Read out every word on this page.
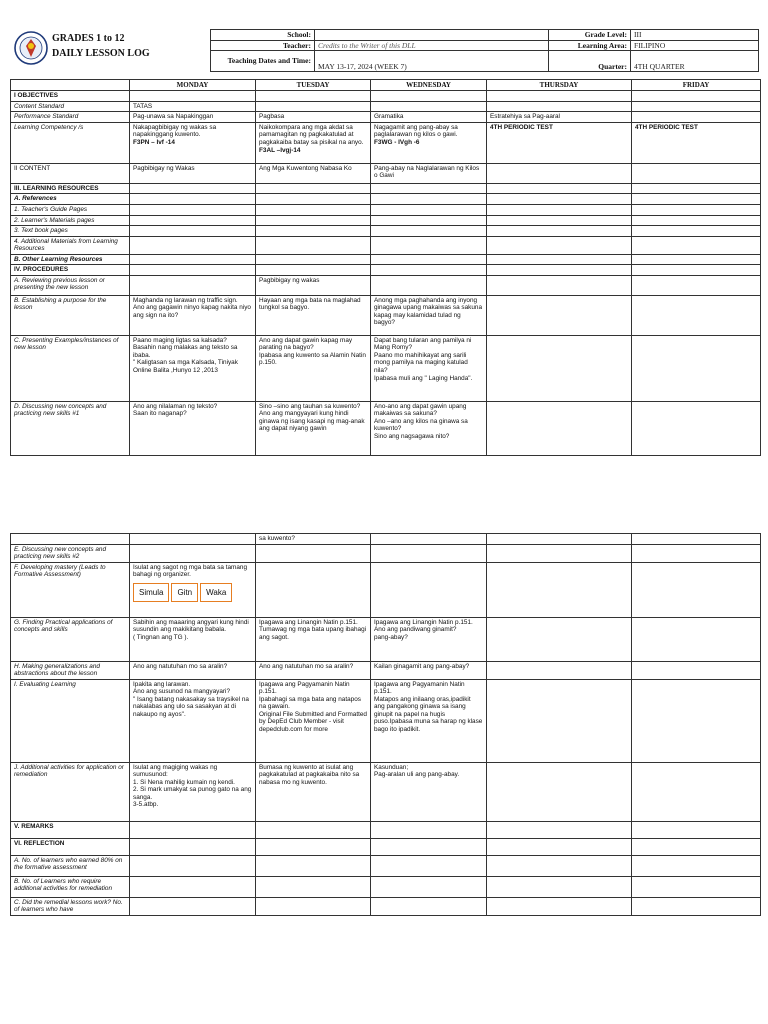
GRADES 1 to 12
DAILY LESSON LOG
School:		Grade Level:	III
Teacher:	Credits to the Writer of this DLL	Learning Area:	FILIPINO
Teaching Dates and Time:	MAY 13-17, 2024 (WEEK 7)	Quarter:	4TH QUARTER
	MONDAY	TUESDAY	WEDNESDAY	THURSDAY	FRIDAY

I OBJECTIVES					

Content Standard	TATAS				

Performance Standard	Pag-unawa sa Napakinggan	Pagbasa	Gramatika	Estratehiya sa Pag-aaral	

Learning Competency /s	Nakapagbibigay ng wakas sa napakinggang kuwento.
F3PN – Ivf -14	Naikokompara ang mga akdat sa pamamagitan ng pagkakatulad at pagkakaiba batay sa pisikal na anyo.
F3AL –Ivgj-14	Nagagamit ang pang-abay sa paglalarawan ng kilos o gawi.
F3WG - IVgh -6	4TH PERIODIC TEST	4TH PERIODIC TEST

II CONTENT	Pagbibigay ng Wakas	Ang Mga Kuwentong Nabasa Ko	Pang-abay na Naglalarawan ng Kilos o Gawi		

III. LEARNING RESOURCES					

A. References					

1. Teacher's Guide Pages					

2. Learner's Materials pages					

3. Text book pages					

4. Additional Materials from Learning Resources					

B. Other Learning Resources					

IV. PROCEDURES					

A. Reviewing previous lesson or presenting the new lesson		Pagbibigay ng wakas			

B. Establishing a purpose for the lesson	Maghanda ng larawan ng traffic sign.
Ano ang gagawin ninyo kapag nakita niyo ang sign na ito?	Hayaan ang mga bata na maglahad tungkol sa bagyo.	Anong mga paghahanda ang inyong ginagawa upang makaiwas sa sakuna kapag may kalamidad tulad ng bagyo?		

C. Presenting Examples/instances of new lesson	Paano maging ligtas sa kalsada?
Basahin nang malakas ang teksto sa ibaba.
" Kaligtasan sa mga Kalsada, Tiniyak
Online Balita ,Hunyo 12 ,2013	Ano ang dapat gawin kapag may parating na bagyo?
Ipabasa ang kuwento sa Alamin Natin p.150.	Dapat bang tularan ang pamilya ni Mang Romy?
Paano mo mahihikayat ang sarili mong pamilya na maging katulad nila?
Ipabasa muli ang " Laging Handa".		

D. Discussing new concepts and practicing new skills #1	Ano ang nilalaman ng teksto?
Saan ito naganap?	Sino –sino ang tauhan sa kuwento?
Ano ang mangyayari kung hindi ginawa ng isang kasapi ng mag-anak ang dapat niyang gawin	Ano-ano ang dapat gawin upang makaiwas sa sakuna?
Ano –ano ang kilos na ginawa sa kuwento?
Sino ang nagsagawa nito?		

		sa kuwento?			

E. Discussing new concepts and practicing new skills #2					

F. Developing mastery (Leads to Formative Assessment)	Isulat ang sagot ng mga bata sa tamang bahagi ng organizer.
Simula Gitn Waka				

G. Finding Practical applications of concepts and skills	Sabihin ang maaaring angyari kung hindi susundin ang makikitang babala.
( Tingnan ang TG ).	Ipagawa ang Linangin Natin p.151.
Tumawag ng mga bata upang ibahagi ang sagot.	Ipagawa ang Linangin Natin p.151.
Ano ang pandiwang ginamit?
pang-abay?		

H. Making generalizations and abstractions about the lesson	Ano ang natutuhan mo sa aralin?	Ano ang natutuhan mo sa aralin?	Kailan ginagamit ang pang-abay?		

I. Evaluating Learning	Ipakita ang larawan.
Ano ang susunod na mangyayari?
" Isang batang nakasakay sa traysikel na nakalabas ang ulo sa sasakyan at di nakaupo ng ayos".	Ipagawa ang Pagyamanin Natin p.151.
Ipabahagi sa mga bata ang natapos na gawain.
Original File Submitted and Formatted by DepEd Club Member - visit depedclub.com for more	Ipagawa ang Pagyamanin Natin p.151.
Matapos ang inilaang oras,ipadikit ang pangakong ginawa sa isang ginupit na papel na hugis puso.Ipabasa muna sa harap ng klase bago ito ipadikit.		

J. Additional activities for application or remediation	Isulat ang magiging wakas ng sumusunod:
1. Si Nena mahilig kumain ng kendi.
2. Si mark umakyat sa punog gato na ang sanga.
3-5.atbp.	Bumasa ng kuwento at isulat ang pagkakatulad at pagkakaiba nito sa nabasa mo ng kuwento.	Kasunduan;
Pag-aralan uli ang pang-abay.		

V. REMARKS					

VI. REFLECTION					

A. No. of learners who earned 80% on the formative assessment					

B. No. of Learners who require additional activities for remediation					

C. Did the remedial lessons work? No. of learners who have					
